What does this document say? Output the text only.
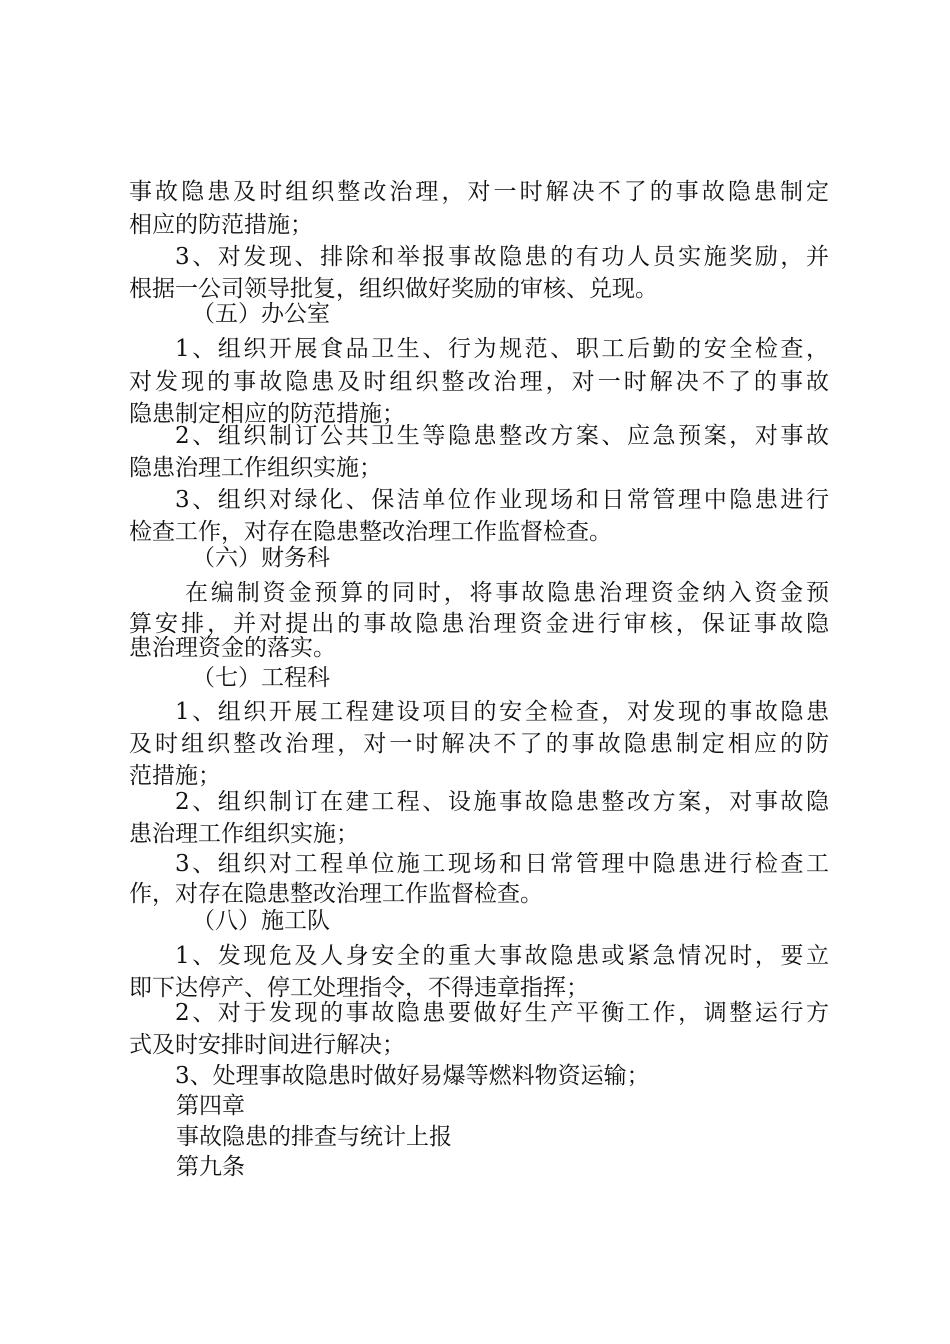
事故隐患及时组织整改治理，对一时解决不了的事故隐患制定
相应的防范措施；
3、对发现、排除和举报事故隐患的有功人员实施奖励，并
根据一公司领导批复，组织做好奖励的审核、兑现。
（五）办公室
1、组织开展食品卫生、行为规范、职工后勤的安全检查，
对发现的事故隐患及时组织整改治理，对一时解决不了的事故
隐患制定相应的防范措施；
2、组织制订公共卫生等隐患整改方案、应急预案，对事故
隐患治理工作组织实施；
3、组织对绿化、保洁单位作业现场和日常管理中隐患进行
检查工作，对存在隐患整改治理工作监督检查。
（六）财务科
在编制资金预算的同时，将事故隐患治理资金纳入资金预
算安排，并对提出的事故隐患治理资金进行审核，保证事故隐
患治理资金的落实。
（七）工程科
1、组织开展工程建设项目的安全检查，对发现的事故隐患
及时组织整改治理，对一时解决不了的事故隐患制定相应的防
范措施；
2、组织制订在建工程、设施事故隐患整改方案，对事故隐
患治理工作组织实施；
3、组织对工程单位施工现场和日常管理中隐患进行检查工
作，对存在隐患整改治理工作监督检查。
（八）施工队
1、发现危及人身安全的重大事故隐患或紧急情况时，要立
即下达停产、停工处理指令，不得违章指挥；
2、对于发现的事故隐患要做好生产平衡工作，调整运行方
式及时安排时间进行解决；
3、处理事故隐患时做好易爆等燃料物资运输；
第四章
事故隐患的排查与统计上报
第九条
